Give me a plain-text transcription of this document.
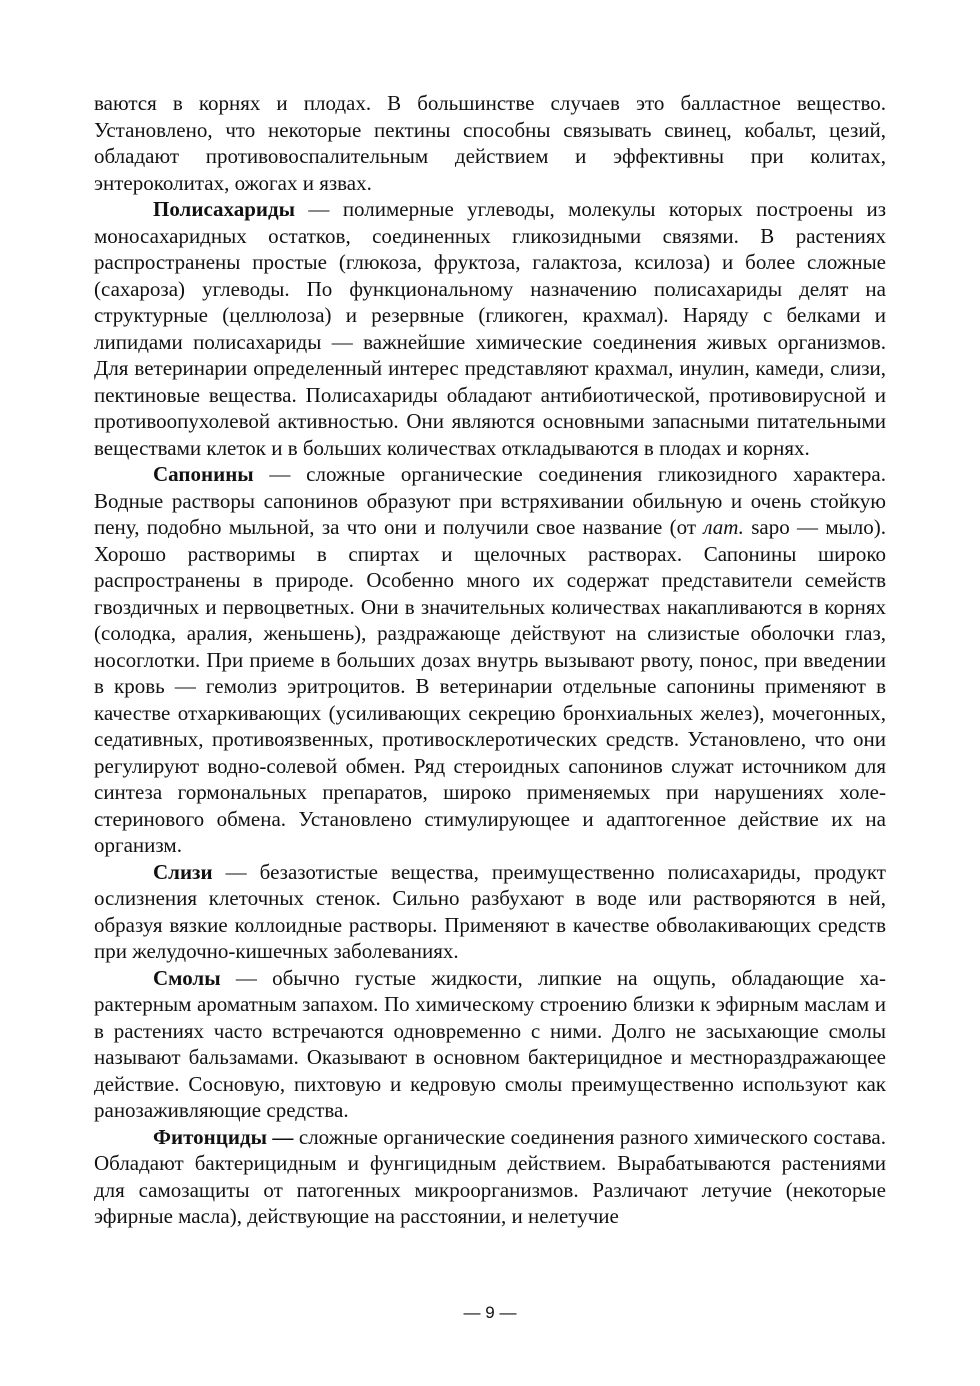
ваются в корнях и плодах. В большинстве случаев это балластное вещество. Установлено, что некоторые пектины способны связывать свинец, кобальт, цезий, обладают противовоспалительным действием и эффективны при колитах, энтероколитах, ожогах и язвах.

Полисахариды — полимерные углеводы, молекулы которых построены из моносахаридных остатков, соединенных гликозидными связями. В растениях распространены простые (глюкоза, фруктоза, галактоза, ксилоза) и более сложные (сахароза) углеводы. По функциональному назначению полисахариды делят на структурные (целлюлоза) и резервные (гликоген, крахмал). Наряду с белками и липидами полисахариды — важнейшие химические соединения живых организмов. Для ветеринарии определенный интерес представляют крахмал, инулин, камеди, слизи, пектиновые вещества. Полисахариды обладают антибиотической, противовирусной и противоопухолевой активностью. Они являются основными запасными питательными веществами клеток и в больших количествах откладываются в плодах и корнях.

Сапонины — сложные органические соединения гликозидного характера. Водные растворы сапонинов образуют при встряхивании обильную и очень стойкую пену, подобно мыльной, за что они и получили свое название (от лат. sapo — мыло). Хорошо растворимы в спиртах и щелочных растворах. Сапонины широко распространены в природе. Особенно много их содержат представители семейств гвоздичных и первоцветных. Они в значительных количествах накапливаются в корнях (солодка, аралия, женьшень), раздражающе действуют на слизистые оболочки глаз, носоглотки. При приеме в больших дозах внутрь вызывают рвоту, понос, при введении в кровь — гемолиз эритроцитов. В ветеринарии отдельные сапонины применяют в качестве отхаркивающих (усиливающих секрецию бронхиальных желез), мочегонных, седативных, противоязвенных, противосклеротических средств. Установлено, что они регулируют водно-солевой обмен. Ряд стероидных сапонинов служат источником для синтеза гормональных препаратов, широко применяемых при нарушениях холестеринового обмена. Установлено стимулирующее и адаптогенное действие их на организм.

Слизи — безазотистые вещества, преимущественно полисахариды, продукт ослизнения клеточных стенок. Сильно разбухают в воде или растворяются в ней, образуя вязкие коллоидные растворы. Применяют в качестве обволакивающих средств при желудочно-кишечных заболеваниях.

Смолы — обычно густые жидкости, липкие на ощупь, обладающие характерным ароматным запахом. По химическому строению близки к эфирным маслам и в растениях часто встречаются одновременно с ними. Долго не засыхающие смолы называют бальзамами. Оказывают в основном бактерицидное и местнораздражающее действие. Сосновую, пихтовую и кедровую смолы преимущественно используют как ранозаживляющие средства.

Фитонциды — сложные органические соединения разного химического состава. Обладают бактерицидным и фунгицидным действием. Вырабатываются растениями для самозащиты от патогенных микроорганизмов. Различают летучие (некоторые эфирные масла), действующие на расстоянии, и нелетучие

— 9 —
